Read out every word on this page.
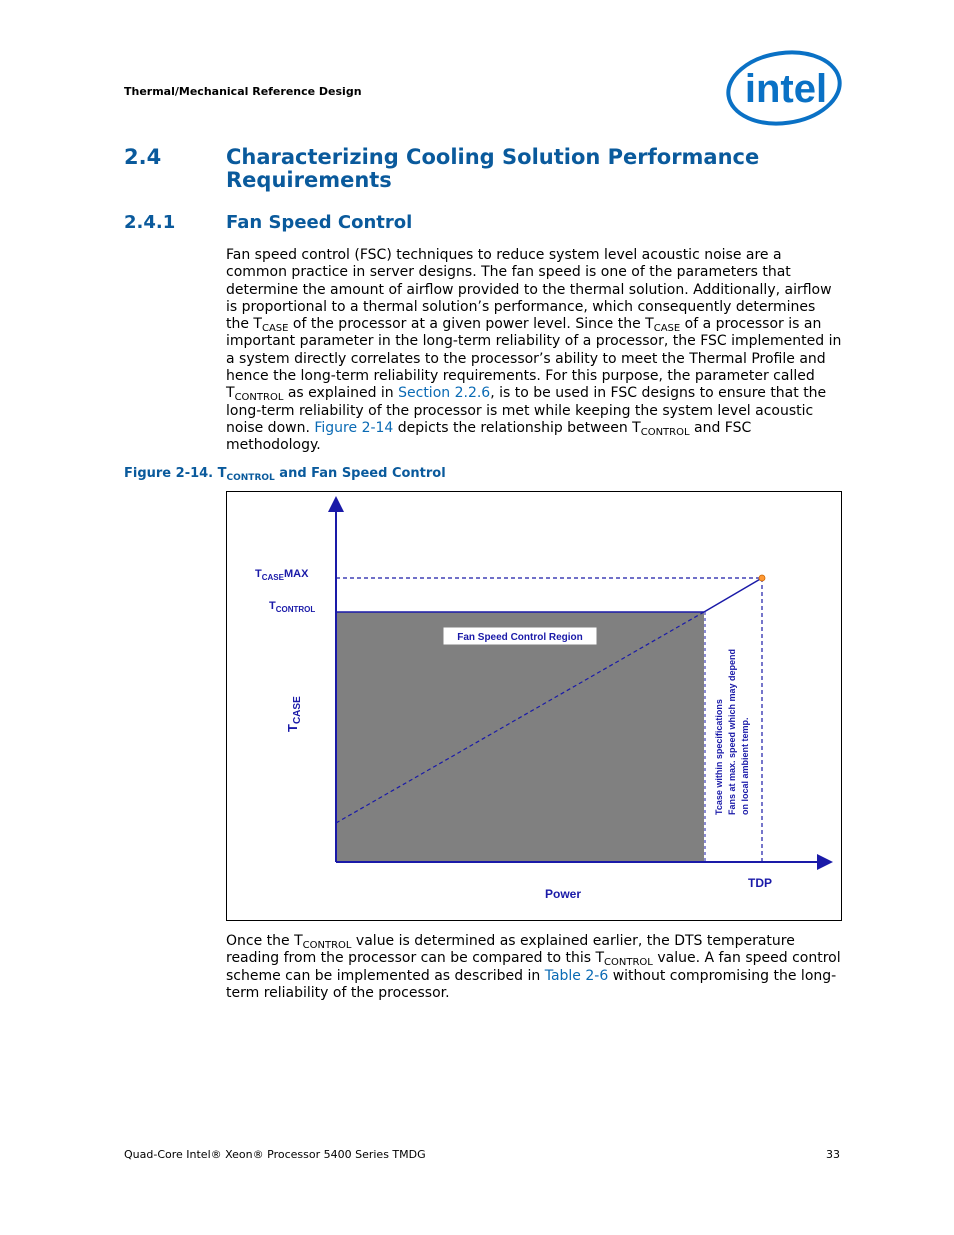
Thermal/Mechanical Reference Design	intel
2.4	Characterizing Cooling Solution Performance Requirements
2.4.1	Fan Speed Control
Fan speed control (FSC) techniques to reduce system level acoustic noise are a common practice in server designs. The fan speed is one of the parameters that determine the amount of airflow provided to the thermal solution. Additionally, airflow is proportional to a thermal solution’s performance, which consequently determines the $T_{CASE}$ of the processor at a given power level. Since the $T_{CASE}$ of a processor is an important parameter in the long-term reliability of a processor, the FSC implemented in a system directly correlates to the processor’s ability to meet the Thermal Profile and hence the long-term reliability requirements. For this purpose, the parameter called $T_{CONTROL}$ as explained in Section 2.2.6, is to be used in FSC designs to ensure that the long-term reliability of the processor is met while keeping the system level acoustic noise down. Figure 2-14 depicts the relationship between $T_{CONTROL}$ and FSC methodology.
Figure 2-14. $T_{CONTROL}$ and Fan Speed Control
Fan Speed Control Region
$T_{CASE}MAX$
$T_{CONTROL}$
$T_{CASE}$
Power
TDP
Tcase within specifications Fans at max. speed which may depend on local ambient temp.
Once the $T_{CONTROL}$ value is determined as explained earlier, the DTS temperature reading from the processor can be compared to this $T_{CONTROL}$ value. A fan speed control scheme can be implemented as described in Table 2-6 without compromising the long-term reliability of the processor.
Quad-Core Intel® Xeon® Processor 5400 Series TMDG	33
